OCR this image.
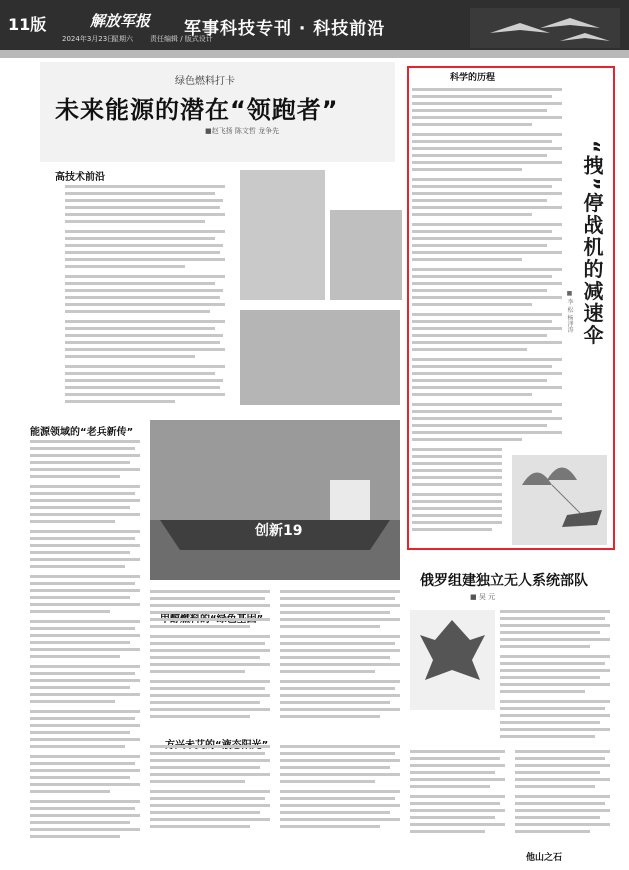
11版	解放军报
2024年3月23日
星期六 责任编辑 / 版式设计
军事科技专刊 · 科技前沿
绿色燃料打卡
未来能源的潜在“领跑者”
■赵飞扬 陈文哲 龙争先
高技术前沿
能源领域的“老兵新传”
创新19
科学的历程
“拽”停战机的减速伞
■ 李 松 杨泽涛
俄罗组建独立无人系统部队
■ 吴 元
他山之石
